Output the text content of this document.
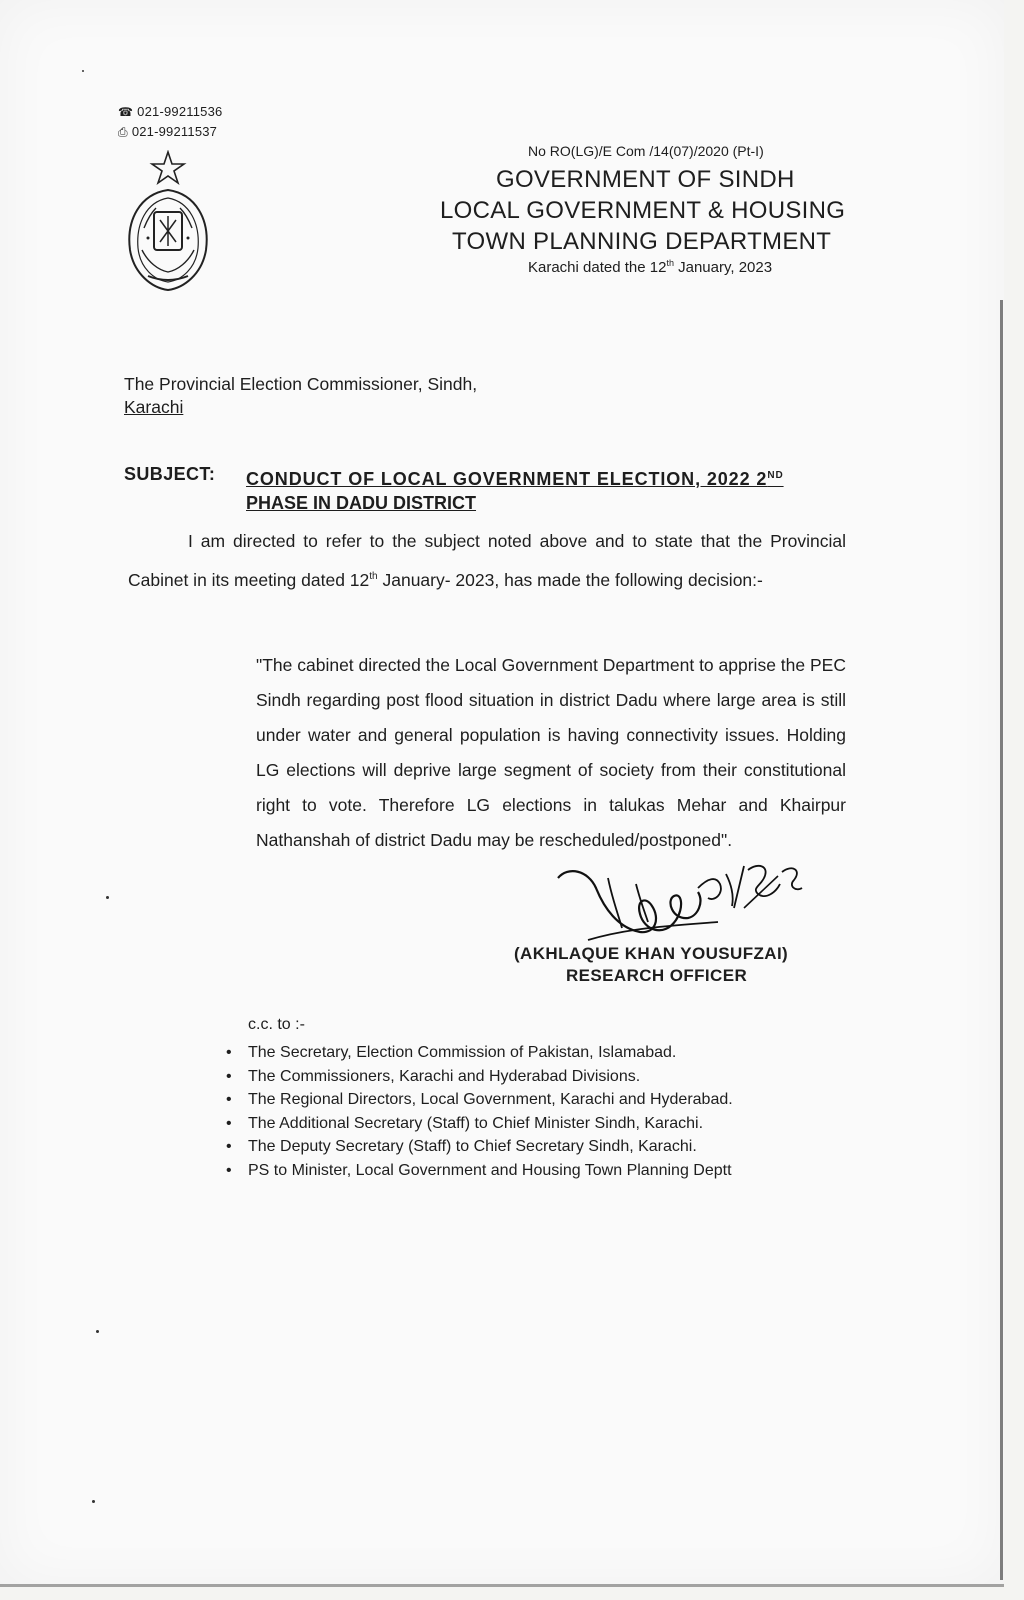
☎ 021-99211536
⎙ 021-99211537
No RO(LG)/E Com /14(07)/2020 (Pt-I)
GOVERNMENT OF SINDH
LOCAL GOVERNMENT & HOUSING
TOWN PLANNING DEPARTMENT
Karachi dated the 12th January, 2023
The Provincial Election Commissioner, Sindh,
Karachi
SUBJECT: CONDUCT OF LOCAL GOVERNMENT ELECTION, 2022 2ND
PHASE IN DADU DISTRICT
I am directed to refer to the subject noted above and to state that the Provincial Cabinet in its meeting dated 12th January- 2023, has made the following decision:-
"The cabinet directed the Local Government Department to apprise the PEC Sindh regarding post flood situation in district Dadu where large area is still under water and general population is having connectivity issues. Holding LG elections will deprive large segment of society from their constitutional right to vote. Therefore LG elections in talukas Mehar and Khairpur Nathanshah of district Dadu may be rescheduled/postponed".
(AKHLAQUE KHAN YOUSUFZAI)
RESEARCH OFFICER
c.c. to :-
• The Secretary, Election Commission of Pakistan, Islamabad.
• The Commissioners, Karachi and Hyderabad Divisions.
• The Regional Directors, Local Government, Karachi and Hyderabad.
• The Additional Secretary (Staff) to Chief Minister Sindh, Karachi.
• The Deputy Secretary (Staff) to Chief Secretary Sindh, Karachi.
• PS to Minister, Local Government and Housing Town Planning Deptt
